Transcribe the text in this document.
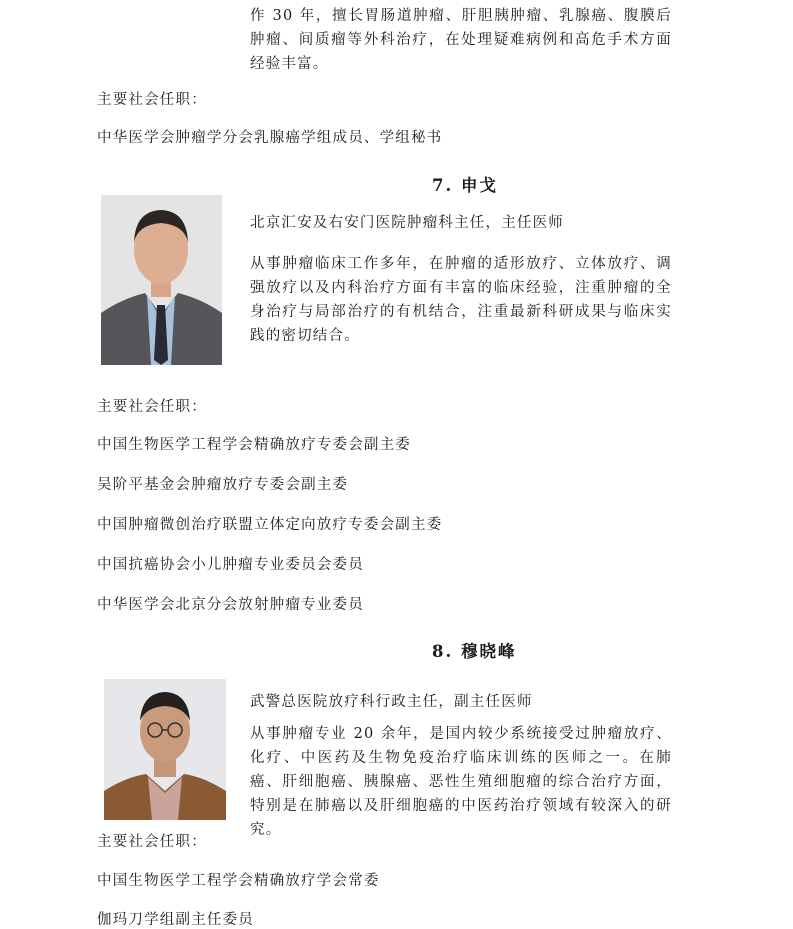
作 30 年，擅长胃肠道肿瘤、肝胆胰肿瘤、乳腺癌、腹膜后肿瘤、间质瘤等外科治疗，在处理疑难病例和高危手术方面经验丰富。
主要社会任职：
中华医学会肿瘤学分会乳腺癌学组成员、学组秘书
7. 申戈
北京汇安及右安门医院肿瘤科主任，主任医师
从事肿瘤临床工作多年，在肿瘤的适形放疗、立体放疗、调强放疗以及内科治疗方面有丰富的临床经验，注重肿瘤的全身治疗与局部治疗的有机结合，注重最新科研成果与临床实践的密切结合。
主要社会任职：
中国生物医学工程学会精确放疗专委会副主委
吴阶平基金会肿瘤放疗专委会副主委
中国肿瘤微创治疗联盟立体定向放疗专委会副主委
中国抗癌协会小儿肿瘤专业委员会委员
中华医学会北京分会放射肿瘤专业委员
8. 穆晓峰
武警总医院放疗科行政主任，副主任医师
从事肿瘤专业 20 余年，是国内较少系统接受过肿瘤放疗、化疗、中医药及生物免疫治疗临床训练的医师之一。在肺癌、肝细胞癌、胰腺癌、恶性生殖细胞瘤的综合治疗方面，特别是在肺癌以及肝细胞癌的中医药治疗领域有较深入的研究。
主要社会任职：
中国生物医学工程学会精确放疗学会常委
伽玛刀学组副主任委员
